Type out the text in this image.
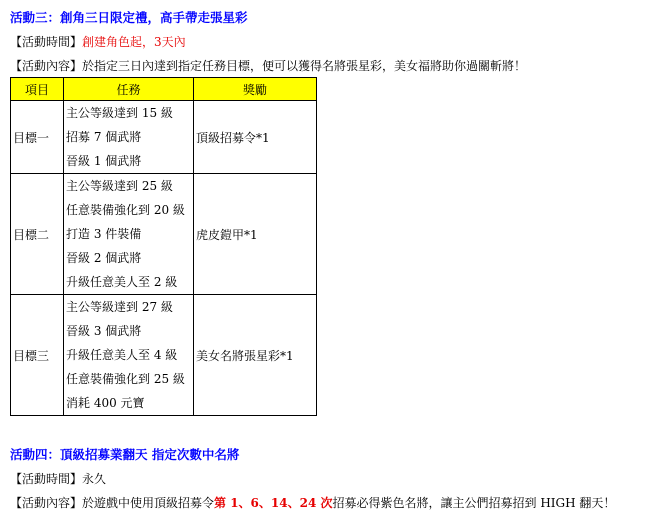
活動三：創角三日限定禮，高手帶走張星彩
【活動時間】創建角色起，3天內
【活動內容】於指定三日內達到指定任務目標，便可以獲得名將張星彩，美女福將助你過關斬將！
項目	任務	獎勵
目標一	主公等級達到 15 級
招募 7 個武將
晉級 1 個武將	頂級招募令*1
目標二	主公等級達到 25 級
任意裝備強化到 20 級
打造 3 件裝備
晉級 2 個武將
升級任意美人至 2 級	虎皮鎧甲*1
目標三	主公等級達到 27 級
晉級 3 個武將
升級任意美人至 4 級
任意裝備強化到 25 級
消耗 400 元寶	美女名將張星彩*1
活動四：頂級招募業翻天 指定次數中名將
【活動時間】永久
【活動內容】於遊戲中使用頂級招募令第 1、6、14、24 次招募必得紫色名將，讓主公們招募招到 HIGH 翻天！
